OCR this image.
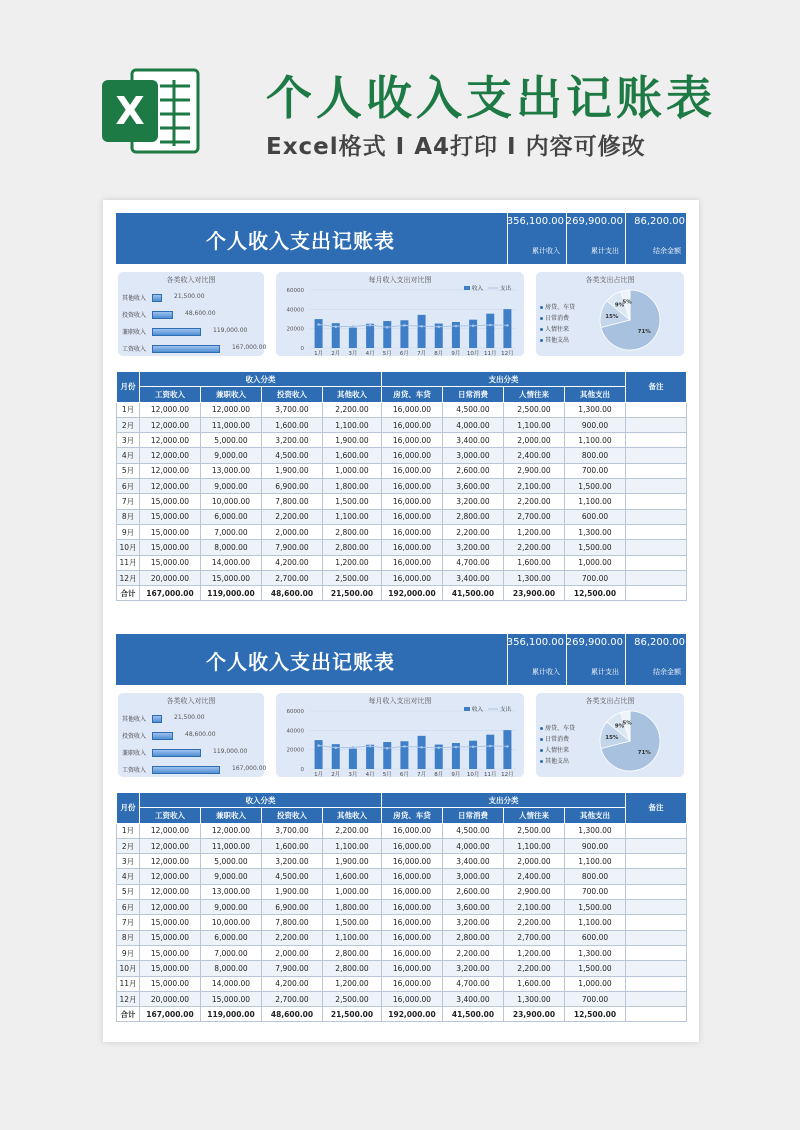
X	个人收入支出记账表
Excel格式 I A4打印 I 内容可修改
个人收入支出记账表
356,100.00
累计收入
269,900.00
累计支出
86,200.00
结余金额
各类收入对比图
其他收入	21,500.00
投资收入	48,600.00
兼职收入	119,000.00
工资收入	167,000.00
每月收入支出对比图
60000
40000
20000
0
1月 2月 3月 4月 5月 6月 7月 8月 9月 10月 11月 12月
收入	支出
各类支出占比图
房贷、车贷
日常消费
人情往来
其他支出
71%
15%
9%
5%
月份	收入分类				支出分类				备注
	工资收入	兼职收入	投资收入	其他收入	房贷、车贷	日常消费	人情往来	其他支出	
1月	12,000.00	12,000.00	3,700.00	2,200.00	16,000.00	4,500.00	2,500.00	1,300.00	
2月	12,000.00	11,000.00	1,600.00	1,100.00	16,000.00	4,000.00	1,100.00	900.00	
3月	12,000.00	5,000.00	3,200.00	1,900.00	16,000.00	3,400.00	2,000.00	1,100.00	
4月	12,000.00	9,000.00	4,500.00	1,600.00	16,000.00	3,000.00	2,400.00	800.00	
5月	12,000.00	13,000.00	1,900.00	1,000.00	16,000.00	2,600.00	2,900.00	700.00	
6月	12,000.00	9,000.00	6,900.00	1,800.00	16,000.00	3,600.00	2,100.00	1,500.00	
7月	15,000.00	10,000.00	7,800.00	1,500.00	16,000.00	3,200.00	2,200.00	1,100.00	
8月	15,000.00	6,000.00	2,200.00	1,100.00	16,000.00	2,800.00	2,700.00	600.00	
9月	15,000.00	7,000.00	2,000.00	2,800.00	16,000.00	2,200.00	1,200.00	1,300.00	
10月	15,000.00	8,000.00	7,900.00	2,800.00	16,000.00	3,200.00	2,200.00	1,500.00	
11月	15,000.00	14,000.00	4,200.00	1,200.00	16,000.00	4,700.00	1,600.00	1,000.00	
12月	20,000.00	15,000.00	2,700.00	2,500.00	16,000.00	3,400.00	1,300.00	700.00	
合计	167,000.00	119,000.00	48,600.00	21,500.00	192,000.00	41,500.00	23,900.00	12,500.00	
个人收入支出记账表
356,100.00
累计收入
269,900.00
累计支出
86,200.00
结余金额
各类收入对比图
其他收入	21,500.00
投资收入	48,600.00
兼职收入	119,000.00
工资收入	167,000.00
每月收入支出对比图
60000
40000
20000
0
1月 2月 3月 4月 5月 6月 7月 8月 9月 10月 11月 12月
收入	支出
各类支出占比图
房贷、车贷
日常消费
人情往来
其他支出
71%
15%
9%
5%
月份	收入分类				支出分类				备注
	工资收入	兼职收入	投资收入	其他收入	房贷、车贷	日常消费	人情往来	其他支出	
1月	12,000.00	12,000.00	3,700.00	2,200.00	16,000.00	4,500.00	2,500.00	1,300.00	
2月	12,000.00	11,000.00	1,600.00	1,100.00	16,000.00	4,000.00	1,100.00	900.00	
3月	12,000.00	5,000.00	3,200.00	1,900.00	16,000.00	3,400.00	2,000.00	1,100.00	
4月	12,000.00	9,000.00	4,500.00	1,600.00	16,000.00	3,000.00	2,400.00	800.00	
5月	12,000.00	13,000.00	1,900.00	1,000.00	16,000.00	2,600.00	2,900.00	700.00	
6月	12,000.00	9,000.00	6,900.00	1,800.00	16,000.00	3,600.00	2,100.00	1,500.00	
7月	15,000.00	10,000.00	7,800.00	1,500.00	16,000.00	3,200.00	2,200.00	1,100.00	
8月	15,000.00	6,000.00	2,200.00	1,100.00	16,000.00	2,800.00	2,700.00	600.00	
9月	15,000.00	7,000.00	2,000.00	2,800.00	16,000.00	2,200.00	1,200.00	1,300.00	
10月	15,000.00	8,000.00	7,900.00	2,800.00	16,000.00	3,200.00	2,200.00	1,500.00	
11月	15,000.00	14,000.00	4,200.00	1,200.00	16,000.00	4,700.00	1,600.00	1,000.00	
12月	20,000.00	15,000.00	2,700.00	2,500.00	16,000.00	3,400.00	1,300.00	700.00	
合计	167,000.00	119,000.00	48,600.00	21,500.00	192,000.00	41,500.00	23,900.00	12,500.00	
